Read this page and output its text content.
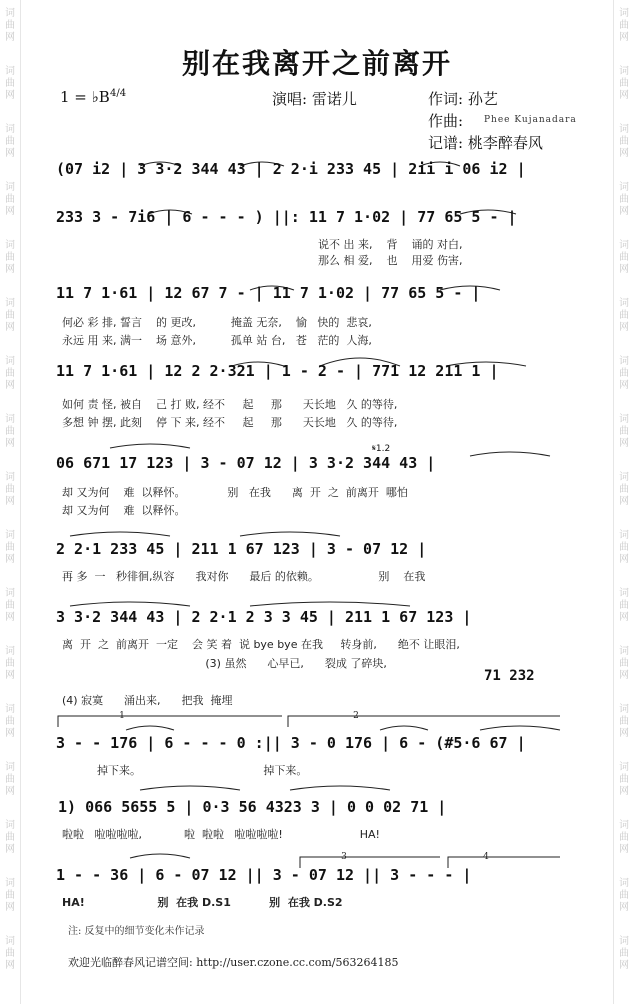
词
曲
网
词
曲
网
词
曲
网
词
曲
网
词
曲
网
词
曲
网
词
曲
网
词
曲
网
词
曲
网
词
曲
网
词
曲
网
词
曲
网
词
曲
网
词
曲
网
词
曲
网
词
曲
网
词
曲
网
词
曲
网
词
曲
网
词
曲
网
词
曲
网
词
曲
网
词
曲
网
词
曲
网
词
曲
网
词
曲
网
词
曲
网
词
曲
网
词
曲
网
词
曲
网
词
曲
网
词
曲
网
词
曲
网
词
曲
网
别在我离开之前离开
1 = ♭B 4/4	演唱: 雷诺儿	作词: 孙艺
作曲: Phee Kujanadara
记谱: 桃李醉春风
1	2
3	4
𝄋1.2
(07 i2 | 3 3·2 344 43 | 2 2·i 233 45 | 2ii i 06 i2 |
233 3 - 7i6 | 6 - - - ) ||: 11 7 1·02 | 77 65 5 - |
说不 出 来,    背    诵的 对白,
那么 相 爱,    也    用爱 伤害,
11 7 1·61 | 12 67 7 - | 11 7 1·02 | 77 65 5 - |
何必 彩 排, 誓言    的 更改,          掩盖 无奈,    愉   快的  悲哀,
永远 用 来, 满一    场 意外,          孤单 站 台,   苍   茫的  人海,
11 7 1·61 | 12 2 2·321 | 1 - 2 - | 771 12 211 1 |
如何 责 怪, 被自    己 打 败, 经不     起     那      天长地   久 的等待,
多想 钟 摆, 此刻    停 下 来, 经不     起     那      天长地   久 的等待,
06 671 17 123 | 3 - 07 12 | 3 3·2 344 43 |
却 又为何    难  以释怀。            别   在我      离  开  之  前离开  哪怕
却 又为何    难  以释怀。
2 2·1 233 45 | 211 1 67 123 | 3 - 07 12 |
再 多  一   秒徘徊,纵容      我对你      最后 的依赖。                 别    在我
3 3·2 344 43 | 2 2·1 2 3 3 45 | 211 1 67 123 |
离  开  之  前离开  一定    会 笑 着  说 bye bye 在我     转身前,      绝不 让眼泪,
(3) 虽然      心早已,      裂成 了碎块,
71 232
(4) 寂寞      涌出来,      把我  掩埋
3 - - 176 | 6 - - - 0 :|| 3 - 0 176 | 6 - (#5·6 67 |
掉下来。                                   掉下来。
1) 066 5655 5 | 0·3 56 4323 3 | 0 0 02 71 |
啦啦   啦啦啦啦,            啦  啦啦   啦啦啦啦!                      HA!
1 - - 36 | 6 - 07 12 || 3 - 07 12 || 3 - - - |
HA!                   别  在我 D.S1          别  在我 D.S2
注: 反复中的细节变化未作记录
欢迎光临醉春风记谱空间: http://user.czone.cc.com/563264185
